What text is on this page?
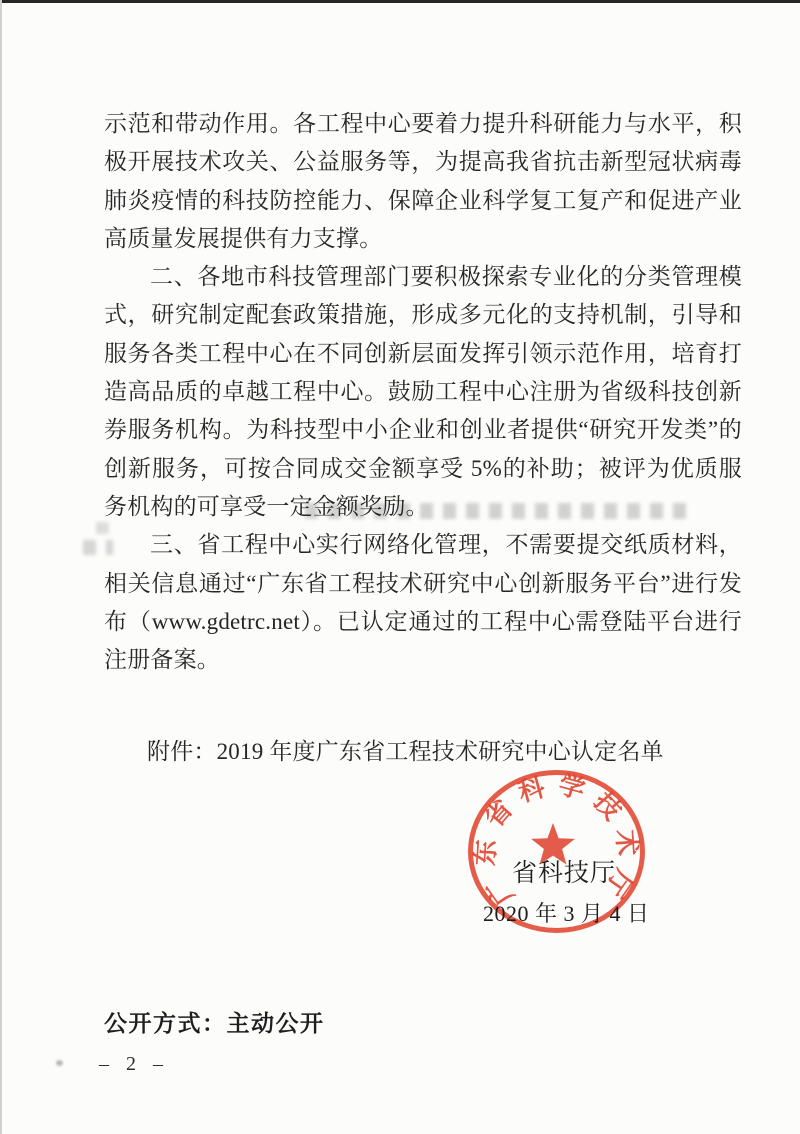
示范和带动作用。各工程中心要着力提升科研能力与水平，积极开展技术攻关、公益服务等，为提高我省抗击新型冠状病毒肺炎疫情的科技防控能力、保障企业科学复工复产和促进产业高质量发展提供有力支撑。

二、各地市科技管理部门要积极探索专业化的分类管理模式，研究制定配套政策措施，形成多元化的支持机制，引导和服务各类工程中心在不同创新层面发挥引领示范作用，培育打造高品质的卓越工程中心。鼓励工程中心注册为省级科技创新券服务机构。为科技型中小企业和创业者提供“研究开发类”的创新服务，可按合同成交金额享受 5%的补助；被评为优质服务机构的可享受一定金额奖励。

三、省工程中心实行网络化管理，不需要提交纸质材料，相关信息通过“广东省工程技术研究中心创新服务平台”进行发布（www.gdetrc.net）。已认定通过的工程中心需登陆平台进行注册备案。

附件：2019 年度广东省工程技术研究中心认定名单
广东省科学技术厅
省科技厅
2020 年 3 月 4 日
公开方式：主动公开
– 2 –
